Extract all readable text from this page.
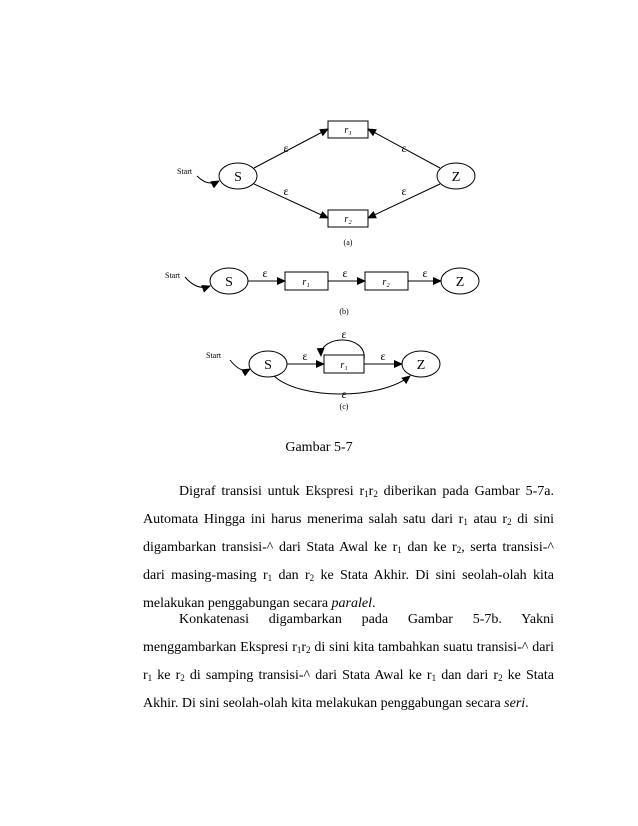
Start	S	Z
r₁
r₂
ε	ε
ε	ε
(a)
Start	S	Z
r₁	r₂
ε	ε	ε
(b)
Start
S	Z
r₁
ε
ε	ε
ε
(c)
Gambar 5-7

Digraf transisi untuk Ekspresi $r_1r_2$ diberikan pada Gambar 5-7a. Automata Hingga ini harus menerima salah satu dari $r_1$ atau $r_2$ di sini digambarkan transisi-^ dari Stata Awal ke $r_1$ dan ke $r_2$, serta transisi-^ dari masing-masing $r_1$ dan $r_2$ ke Stata Akhir. Di sini seolah-olah kita melakukan penggabungan secara paralel.

Konkatenasi digambarkan pada Gambar 5-7b. Yakni menggambarkan Ekspresi $r_1r_2$ di sini kita tambahkan suatu transisi-^ dari $r_1$ ke $r_2$ di samping transisi-^ dari Stata Awal ke $r_1$ dan dari $r_2$ ke Stata Akhir. Di sini seolah-olah kita melakukan penggabungan secara seri.
